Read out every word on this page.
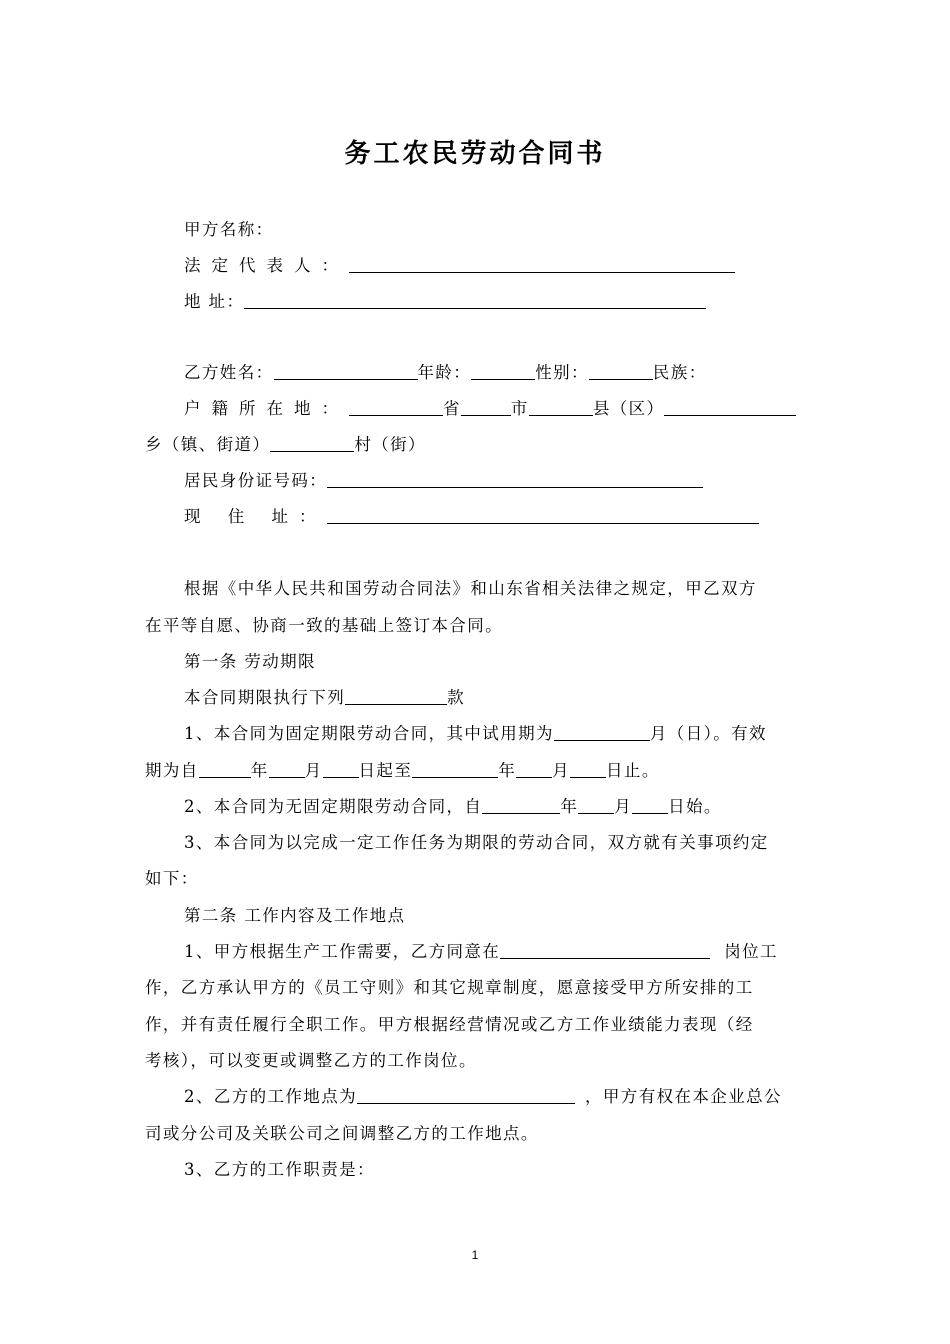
务工农民劳动合同书
甲方名称：
法定代表人：
地 址：
乙方姓名：	年龄：	性别：	民族：
户籍所在地：	省	市	县（区）
乡（镇、街道）	村（街）
居民身份证号码：
现 住 址：
根据《中华人民共和国劳动合同法》和山东省相关法律之规定，甲乙双方
在平等自愿、协商一致的基础上签订本合同。
第一条 劳动期限
本合同期限执行下列	款
1、本合同为固定期限劳动合同，其中试用期为	月（日）。有效
期为自	年 月 日起至	年 月 日止。
2、本合同为无固定期限劳动合同，自	年 月 日始。
3、本合同为以完成一定工作任务为期限的劳动合同，双方就有关事项约定
如下：
第二条 工作内容及工作地点
1、甲方根据生产工作需要，乙方同意在	岗位工
作，乙方承认甲方的《员工守则》和其它规章制度，愿意接受甲方所安排的工
作，并有责任履行全职工作。甲方根据经营情况或乙方工作业绩能力表现（经
考核），可以变更或调整乙方的工作岗位。
2、乙方的工作地点为	，甲方有权在本企业总公
司或分公司及关联公司之间调整乙方的工作地点。
3、乙方的工作职责是：
1
